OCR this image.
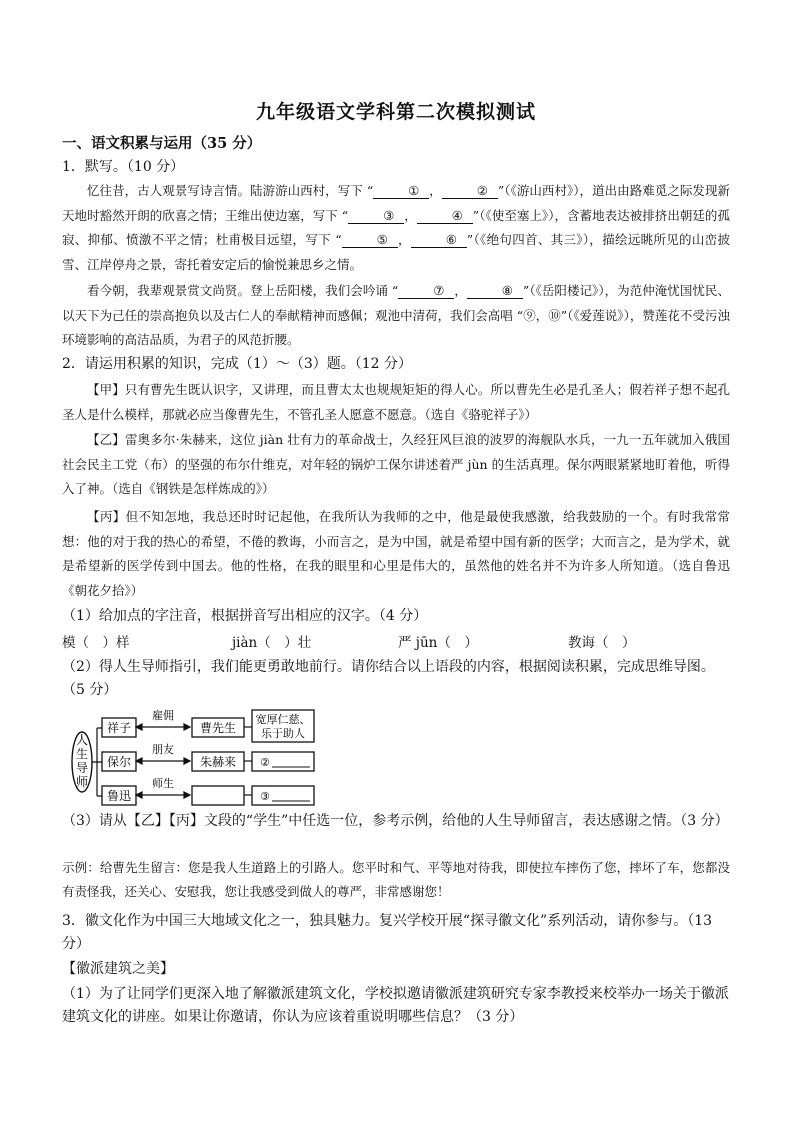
九年级语文学科第二次模拟测试
一、语文积累与运用（35 分）
1．默写。（10 分）
忆往昔，古人观景写诗言情。陆游游山西村，写下 “	① ，	② ”（《游山西村》），道出由路难觅之际发现新天地时豁然开朗的欣喜之情；王维出使边塞，写下 “	③ ，	④ ”（《使至塞上》），含蓄地表达被排挤出朝廷的孤寂、抑郁、愤激不平之情；杜甫极目远望，写下 “	⑤ ，	⑥ ”（《绝句四首、其三》），描绘远眺所见的山峦披雪、江岸停舟之景，寄托着安定后的愉悦兼思乡之情。
看今朝，我辈观景赏文尚贤。登上岳阳楼，我们会吟诵 “	⑦ ，	⑧ ”（《岳阳楼记》），为范仲淹忧国忧民、以天下为己任的崇高抱负以及古仁人的奉献精神而感佩；观池中清荷，我们会高唱 “⑨，⑩”（《爱莲说》），赞莲花不受污浊环境影响的高洁品质，为君子的风范折腰。
2．请运用积累的知识，完成（1）～（3）题。（12 分）
【甲】只有曹先生既认识字，又讲理，而且曹太太也规规矩矩的得人心。所以曹先生必是孔圣人；假若祥子想不起孔圣人是什么模样，那就必应当像曹先生，不管孔圣人愿意不愿意。（选自《骆驼祥子》）
【乙】雷奥多尔·朱赫来，这位 jiàn 壮有力的革命战士，久经狂风巨浪的波罗的海舰队水兵，一九一五年就加入俄国社会民主工党（布）的坚强的布尔什维克，对年轻的锅炉工保尔讲述着严 jùn 的生活真理。保尔两眼紧紧地盯着他，听得入了神。（选自《钢铁是怎样炼成的》）
【丙】但不知怎地，我总还时时记起他，在我所认为我师的之中，他是最使我感激，给我鼓励的一个。有时我常常想：他的对于我的热心的希望，不倦的教诲，小而言之，是为中国，就是希望中国有新的医学；大而言之，是为学术，就是希望新的医学传到中国去。他的性格，在我的眼里和心里是伟大的，虽然他的姓名并不为许多人所知道。（选自鲁迅《朝花夕拾》）
（1）给加点的字注音，根据拼音写出相应的汉字。（4 分）
模（　）样	jiàn（　）壮	严 jūn（　）	教诲（　）
（2）得人生导师指引，我们能更勇敢地前行。请你结合以上语段的内容，根据阅读积累，完成思维导图。
（5 分）
人
生
导
师
祥子
保尔
鲁迅
雇佣
朋友
师生
曹先生
朱赫来
宽厚仁慈、
乐于助人
②
③
（3）请从【乙】【丙】文段的“学生”中任选一位，参考示例，给他的人生导师留言，表达感谢之情。（3 分）
示例：给曹先生留言：您是我人生道路上的引路人。您平时和气、平等地对待我，即使拉车摔伤了您，摔坏了车，您都没有责怪我，还关心、安慰我，您让我感受到做人的尊严，非常感谢您！
3．徽文化作为中国三大地域文化之一，独具魅力。复兴学校开展“探寻徽文化”系列活动，请你参与。（13 分）
【徽派建筑之美】
（1）为了让同学们更深入地了解徽派建筑文化，学校拟邀请徽派建筑研究专家李教授来校举办一场关于徽派建筑文化的讲座。如果让你邀请，你认为应该着重说明哪些信息？（3 分）
